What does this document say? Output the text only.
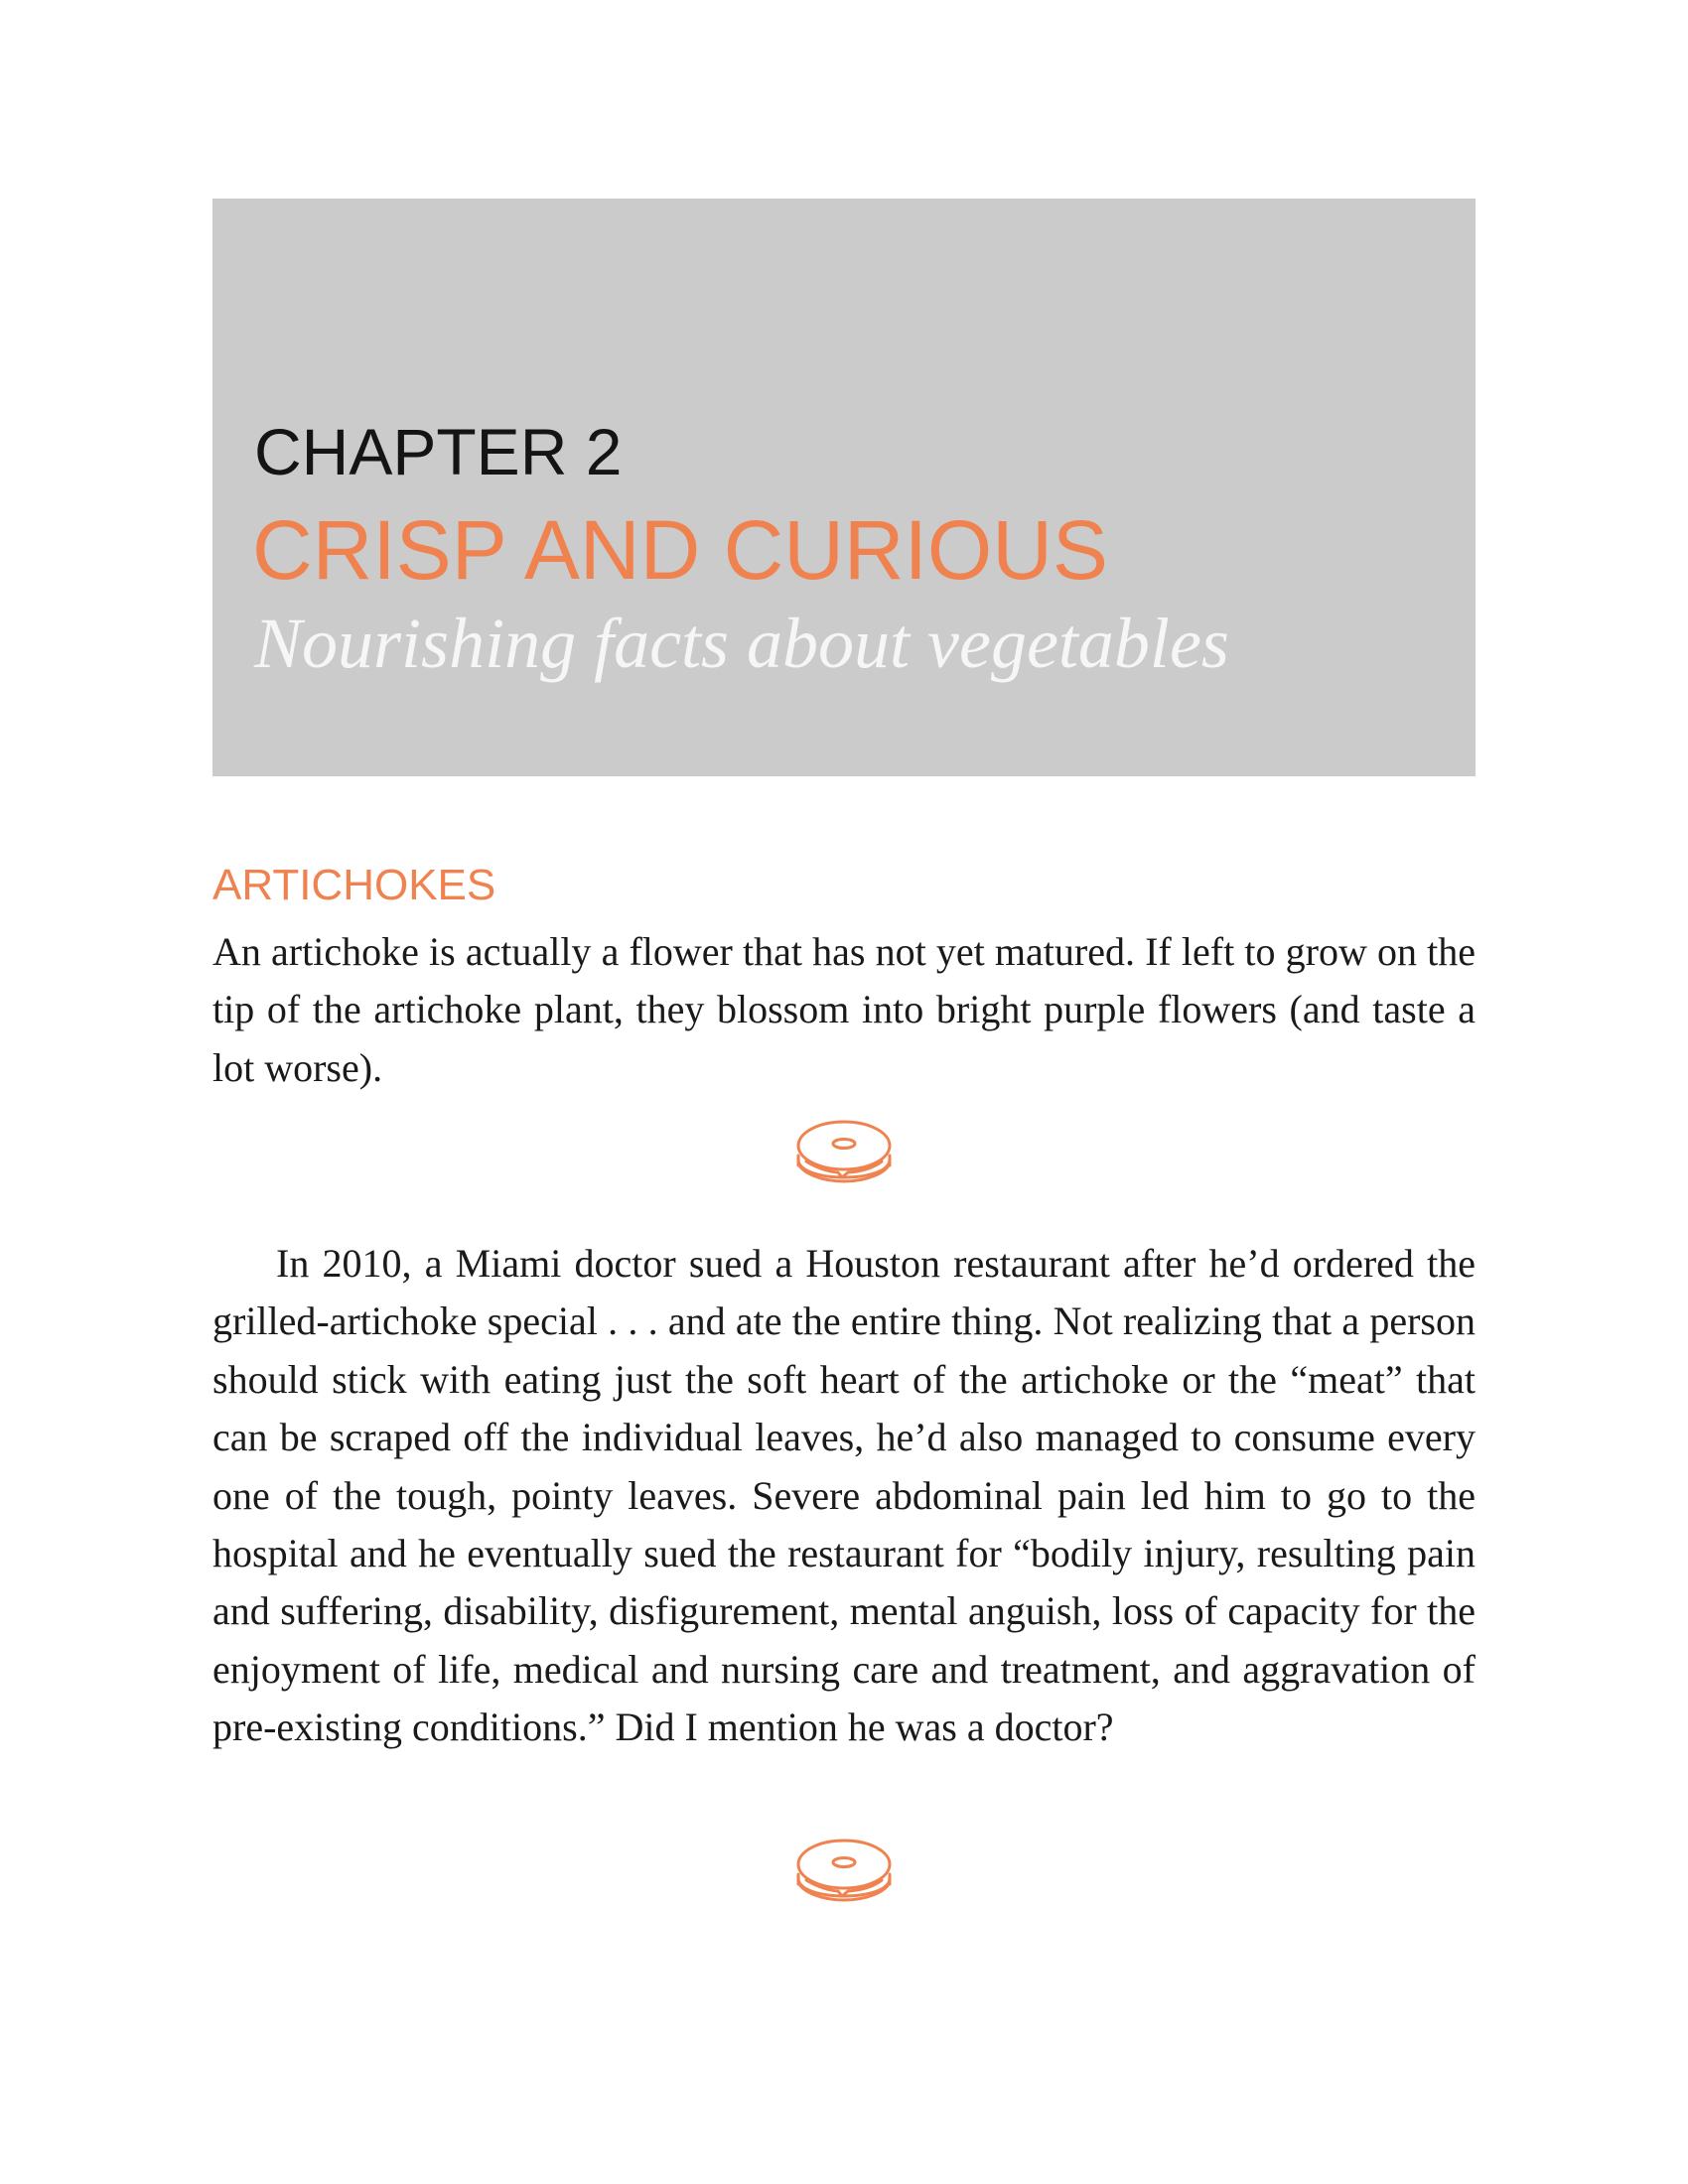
CHAPTER 2
CRISP AND CURIOUS

Nourishing facts about vegetables

ARTICHOKES

An artichoke is actually a flower that has not yet matured. If left to grow on the tip of the artichoke plant, they blossom into bright purple flowers (and taste a lot worse).

In 2010, a Miami doctor sued a Houston restaurant after he’d ordered the grilled-artichoke special . . . and ate the entire thing. Not realizing that a person should stick with eating just the soft heart of the artichoke or the “meat” that can be scraped off the individual leaves, he’d also managed to consume every one of the tough, pointy leaves. Severe abdominal pain led him to go to the hospital and he eventually sued the restaurant for “bodily injury, resulting pain and suffering, disability, disfigurement, mental anguish, loss of capacity for the enjoyment of life, medical and nursing care and treatment, and aggravation of pre-existing conditions.” Did I mention he was a doctor?
